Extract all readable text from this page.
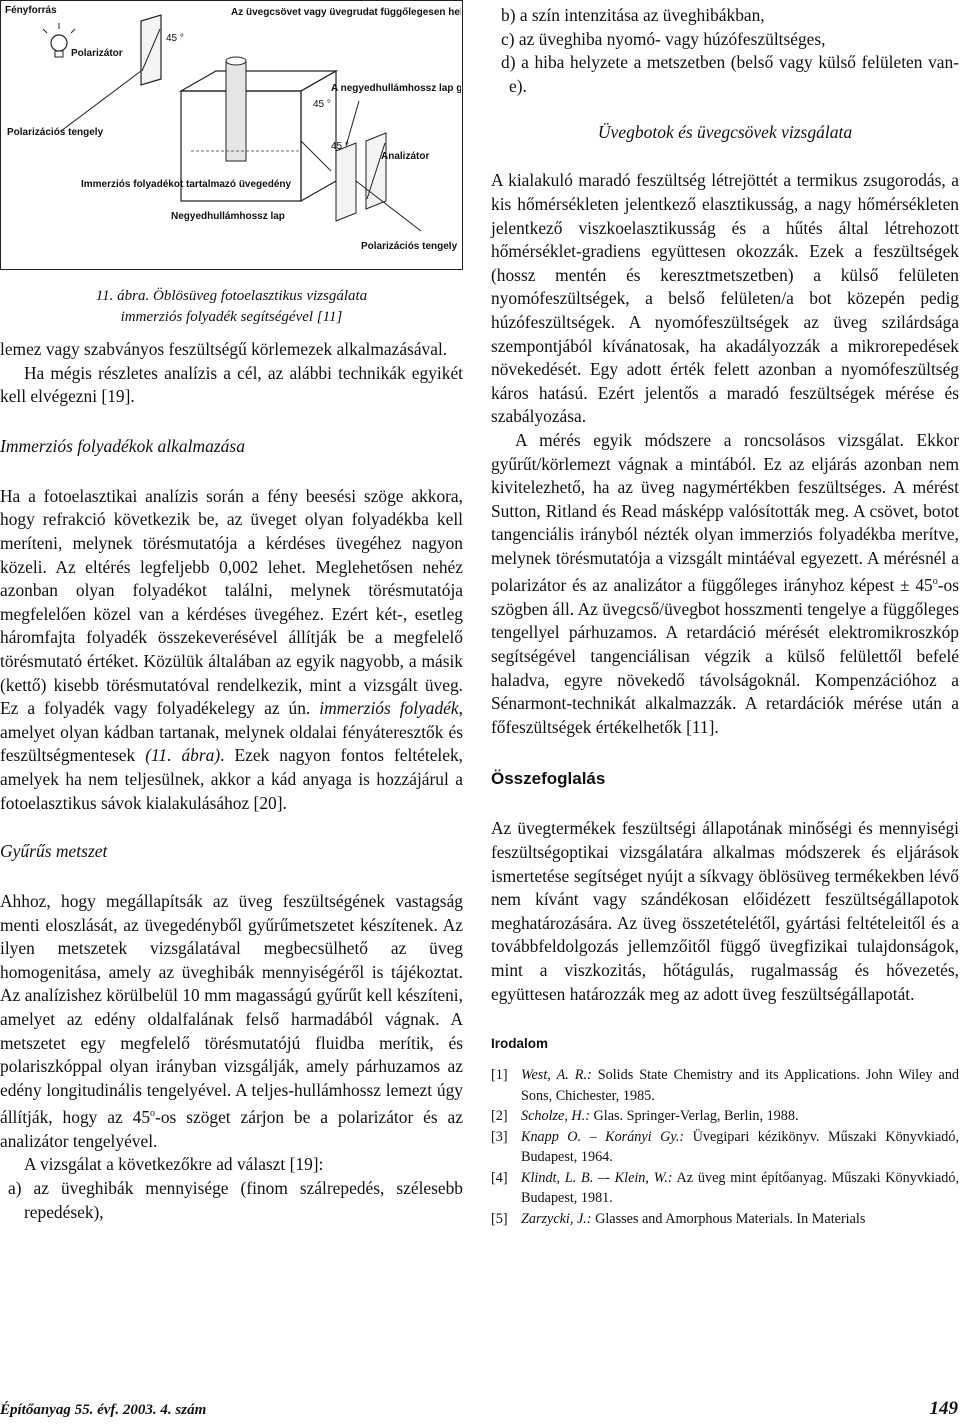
Fényforrás
Polarizátor
45 °
Az üvegcsövet vagy üvegrudat függőlegesen he
A negyedhullámhossz lap g
45 °
Polarizációs tengely
45 °
Analizátor
Immerziós folyadékot tartalmazó üvegedény
Negyedhullámhossz lap
Polarizációs tengely
11. ábra. Öblösüveg fotoelasztikus vizsgálata
immerziós folyadék segítségével [11]

lemez vagy szabványos feszültségű körlemezek alkalmazásával.

Ha mégis részletes analízis a cél, az alábbi technikák egyikét kell elvégezni [19].

Immerziós folyadékok alkalmazása

Ha a fotoelasztikai analízis során a fény beesési szöge akkora, hogy refrakció következik be, az üveget olyan folyadékba kell meríteni, melynek törésmutatója a kérdéses üvegéhez nagyon közeli. Az eltérés legfeljebb 0,002 lehet. Meglehetősen nehéz azonban olyan folyadékot találni, melynek törésmutatója megfelelően közel van a kérdéses üvegéhez. Ezért két-, esetleg háromfajta folyadék összekeverésével állítják be a megfelelő törésmutató értéket. Közülük általában az egyik nagyobb, a másik (kettő) kisebb törésmutatóval rendelkezik, mint a vizsgált üveg. Ez a folyadék vagy folyadékelegy az ún. immerziós folyadék, amelyet olyan kádban tartanak, melynek oldalai fényáteresztők és feszültségmentesek (11. ábra). Ezek nagyon fontos feltételek, amelyek ha nem teljesülnek, akkor a kád anyaga is hozzájárul a fotoelasztikus sávok kialakulásához [20].

Gyűrűs metszet

Ahhoz, hogy megállapítsák az üveg feszültségének vastagság menti eloszlását, az üvegedényből gyűrűmetszetet készítenek. Az ilyen metszetek vizsgálatával megbecsülhető az üveg homogenitása, amely az üveghibák mennyiségéről is tájékoztat. Az analízishez körülbelül 10 mm magasságú gyűrűt kell készíteni, amelyet az edény oldalfalának felső harmadából vágnak. A metszetet egy megfelelő törésmutatójú fluidba merítik, és polariszkóppal olyan irányban vizsgálják, amely párhuzamos az edény longitudinális tengelyével. A teljes-hullámhossz lemezt úgy állítják, hogy az 45$^o$-os szöget zárjon be a polarizátor és az analizátor tengelyével.

A vizsgálat a következőkre ad választ [19]:

a) az üveghibák mennyisége (finom szálrepedés, szélesebb repedések),

b) a szín intenzitása az üveghibákban,

c) az üveghiba nyomó- vagy húzófeszültséges,

d) a hiba helyzete a metszetben (belső vagy külső felületen van-e).

Üvegbotok és üvegcsövek vizsgálata

A kialakuló maradó feszültség létrejöttét a termikus zsugorodás, a kis hőmérsékleten jelentkező elasztikusság, a nagy hőmérsékleten jelentkező viszkoelasztikusság és a hűtés által létrehozott hőmérséklet-gradiens együttesen okozzák. Ezek a feszültségek (hossz mentén és keresztmetszetben) a külső felületen nyomófeszültségek, a belső felületen/a bot közepén pedig húzófeszültségek. A nyomófeszültségek az üveg szilárdsága szempontjából kívánatosak, ha akadályozzák a mikrorepedések növekedését. Egy adott érték felett azonban a nyomófeszültség káros hatású. Ezért jelentős a maradó feszültségek mérése és szabályozása.

A mérés egyik módszere a roncsolásos vizsgálat. Ekkor gyűrűt/körlemezt vágnak a mintából. Ez az eljárás azonban nem kivitelezhető, ha az üveg nagymértékben feszültséges. A mérést Sutton, Ritland és Read másképp valósították meg. A csövet, botot tangenciális irányból nézték olyan immerziós folyadékba merítve, melynek törésmutatója a vizsgált mintáéval egyezett. A mérésnél a polarizátor és az analizátor a függőleges irányhoz képest ± $45^o-os$ szögben áll. Az üvegcső/üvegbot hosszmenti tengelye a függőleges tengellyel párhuzamos. A retardáció mérését elektromikroszkóp segítségével tangenciálisan végzik a külső felülettől befelé haladva, egyre növekedő távolságoknál. Kompenzációhoz a Sénarmont-technikát alkalmazzák. A retardációk mérése után a főfeszültségek értékelhetők [11].

Összefoglalás

Az üvegtermékek feszültségi állapotának minőségi és mennyiségi feszültségoptikai vizsgálatára alkalmas módszerek és eljárások ismertetése segítséget nyújt a síkvagy öblösüveg termékekben lévő nem kívánt vagy szándékosan előidézett feszültségállapotok meghatározására. Az üveg összetételétől, gyártási feltételeitől és a továbbfeldolgozás jellemzőitől függő üvegfizikai tulajdonságok, mint a viszkozitás, hőtágulás, rugalmasság és hővezetés, együttesen határozzák meg az adott üveg feszültségállapotát.

Irodalom

[1] West, A. R.: Solids State Chemistry and its Applications. John Wiley and Sons, Chichester, 1985.

[2] Scholze, H.: Glas. Springer-Verlag, Berlin, 1988.

[3] Knapp O. – Korányi Gy.: Üvegipari kézikönyv. Műszaki Könyvkiadó, Budapest, 1964.

[4] Klindt, L. B. –- Klein, W.: Az üveg mint építőanyag. Műszaki Könyvkiadó, Budapest, 1981.

[5] Zarzycki, J.: Glasses and Amorphous Materials. In Materials

Építőanyag 55. évf. 2003. 4. szám	149
